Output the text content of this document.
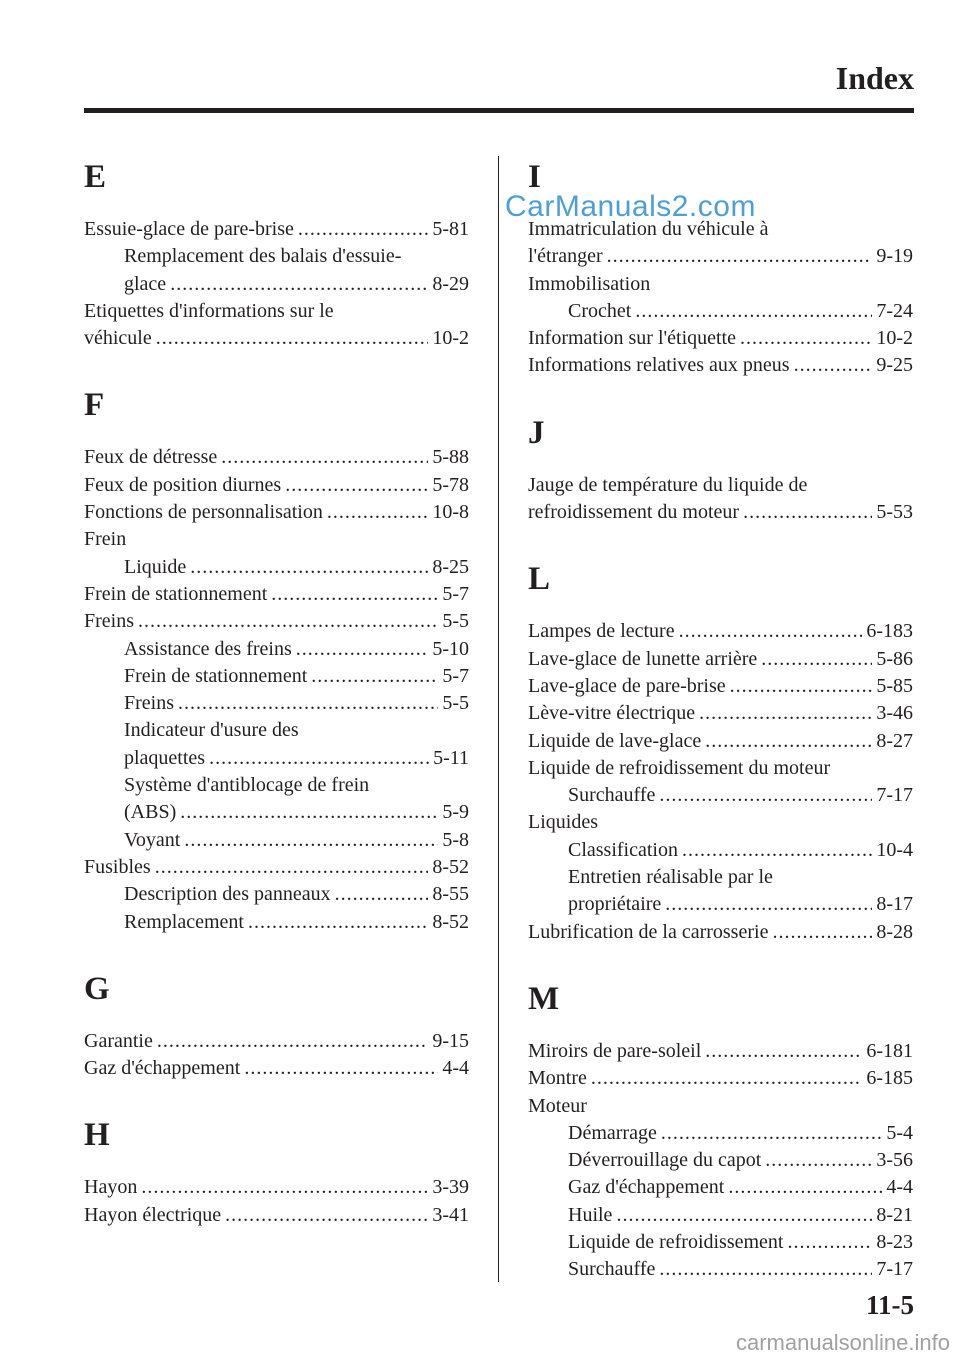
Index
E
Essuie-glace de pare-brise . . .	5-81
Remplacement des balais d'essuie-
glace . . .	8-29
Etiquettes d'informations sur le
véhicule . . .	10-2
F
Feux de détresse . . .	5-88
Feux de position diurnes . . .	5-78
Fonctions de personnalisation . . .	10-8
Frein
Liquide . . .	8-25
Frein de stationnement . . .	5-7
Freins . . .	5-5
Assistance des freins . . .	5-10
Frein de stationnement . . .	5-7
Freins . . .	5-5
Indicateur d'usure des
plaquettes . . .	5-11
Système d'antiblocage de frein
(ABS) . . .	5-9
Voyant . . .	5-8
Fusibles . . .	8-52
Description des panneaux . . .	8-55
Remplacement . . .	8-52
G
Garantie . . .	9-15
Gaz d'échappement . . .	4-4
H
Hayon . . .	3-39
Hayon électrique . . .	3-41
I
Immatriculation du véhicule à
l'étranger . . .	9-19
Immobilisation
Crochet . . .	7-24
Information sur l'étiquette . . .	10-2
Informations relatives aux pneus . . .	9-25
J
Jauge de température du liquide de
refroidissement du moteur . . .	5-53
L
Lampes de lecture . . .	6-183
Lave-glace de lunette arrière . . .	5-86
Lave-glace de pare-brise . . .	5-85
Lève-vitre électrique . . .	3-46
Liquide de lave-glace . . .	8-27
Liquide de refroidissement du moteur
Surchauffe . . .	7-17
Liquides
Classification . . .	10-4
Entretien réalisable par le
propriétaire . . .	8-17
Lubrification de la carrosserie . . .	8-28
M
Miroirs de pare-soleil . . .	6-181
Montre . . .	6-185
Moteur
Démarrage . . .	5-4
Déverrouillage du capot . . .	3-56
Gaz d'échappement . . .	4-4
Huile . . .	8-21
Liquide de refroidissement . . .	8-23
Surchauffe . . .	7-17
CarManuals2.com
11-5
carmanualsonline.info
